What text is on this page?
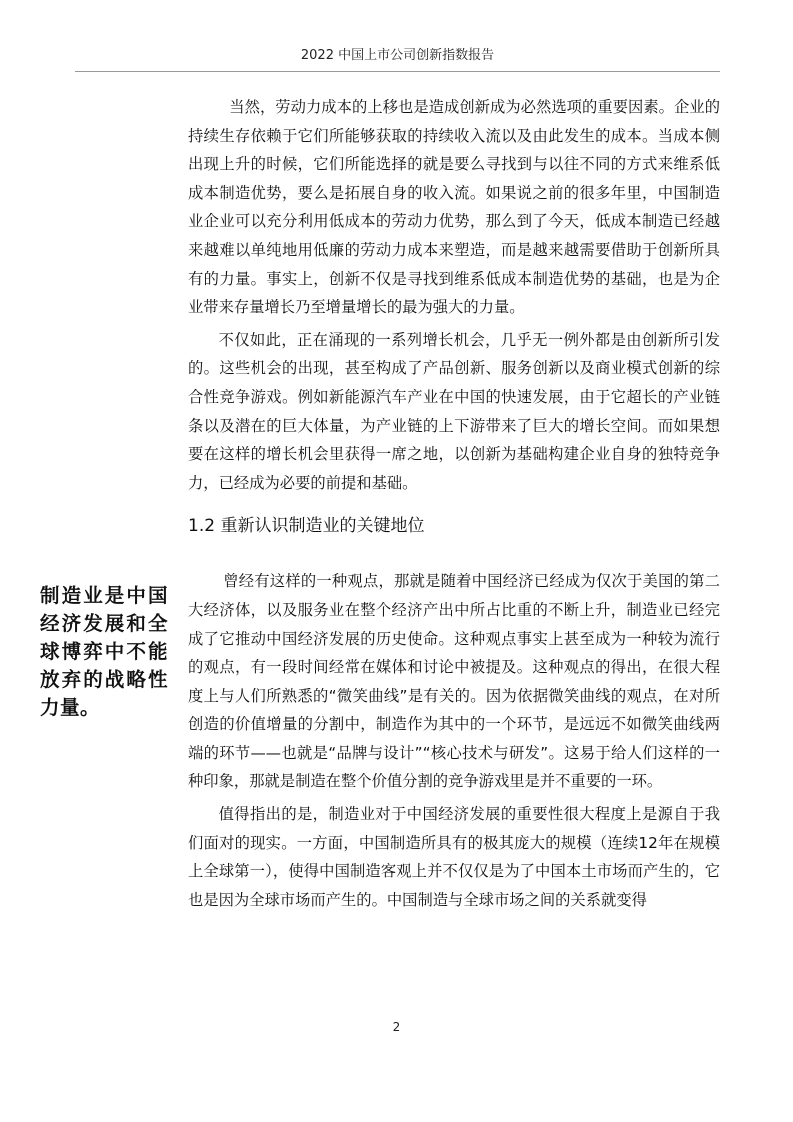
2022 中国上市公司创新指数报告
制造业是中国经济发展和全球博弈中不能放弃的战略性力量。

当然，劳动力成本的上移也是造成创新成为必然选项的重要因素。企业的持续生存依赖于它们所能够获取的持续收入流以及由此发生的成本。当成本侧出现上升的时候，它们所能选择的就是要么寻找到与以往不同的方式来维系低成本制造优势，要么是拓展自身的收入流。如果说之前的很多年里，中国制造业企业可以充分利用低成本的劳动力优势，那么到了今天，低成本制造已经越来越难以单纯地用低廉的劳动力成本来塑造，而是越来越需要借助于创新所具有的力量。事实上，创新不仅是寻找到维系低成本制造优势的基础，也是为企业带来存量增长乃至增量增长的最为强大的力量。

不仅如此，正在涌现的一系列增长机会，几乎无一例外都是由创新所引发的。这些机会的出现，甚至构成了产品创新、服务创新以及商业模式创新的综合性竞争游戏。例如新能源汽车产业在中国的快速发展，由于它超长的产业链条以及潜在的巨大体量，为产业链的上下游带来了巨大的增长空间。而如果想要在这样的增长机会里获得一席之地，以创新为基础构建企业自身的独特竞争力，已经成为必要的前提和基础。

1.2 重新认识制造业的关键地位

曾经有这样的一种观点，那就是随着中国经济已经成为仅次于美国的第二大经济体，以及服务业在整个经济产出中所占比重的不断上升，制造业已经完成了它推动中国经济发展的历史使命。这种观点事实上甚至成为一种较为流行的观点，有一段时间经常在媒体和讨论中被提及。这种观点的得出，在很大程度上与人们所熟悉的“微笑曲线”是有关的。因为依据微笑曲线的观点，在对所创造的价值增量的分割中，制造作为其中的一个环节，是远远不如微笑曲线两端的环节——也就是“品牌与设计”“核心技术与研发”。这易于给人们这样的一种印象，那就是制造在整个价值分割的竞争游戏里是并不重要的一环。

值得指出的是，制造业对于中国经济发展的重要性很大程度上是源自于我们面对的现实。一方面，中国制造所具有的极其庞大的规模（连续12年在规模上全球第一），使得中国制造客观上并不仅仅是为了中国本土市场而产生的，它也是因为全球市场而产生的。中国制造与全球市场之间的关系就变得

2
